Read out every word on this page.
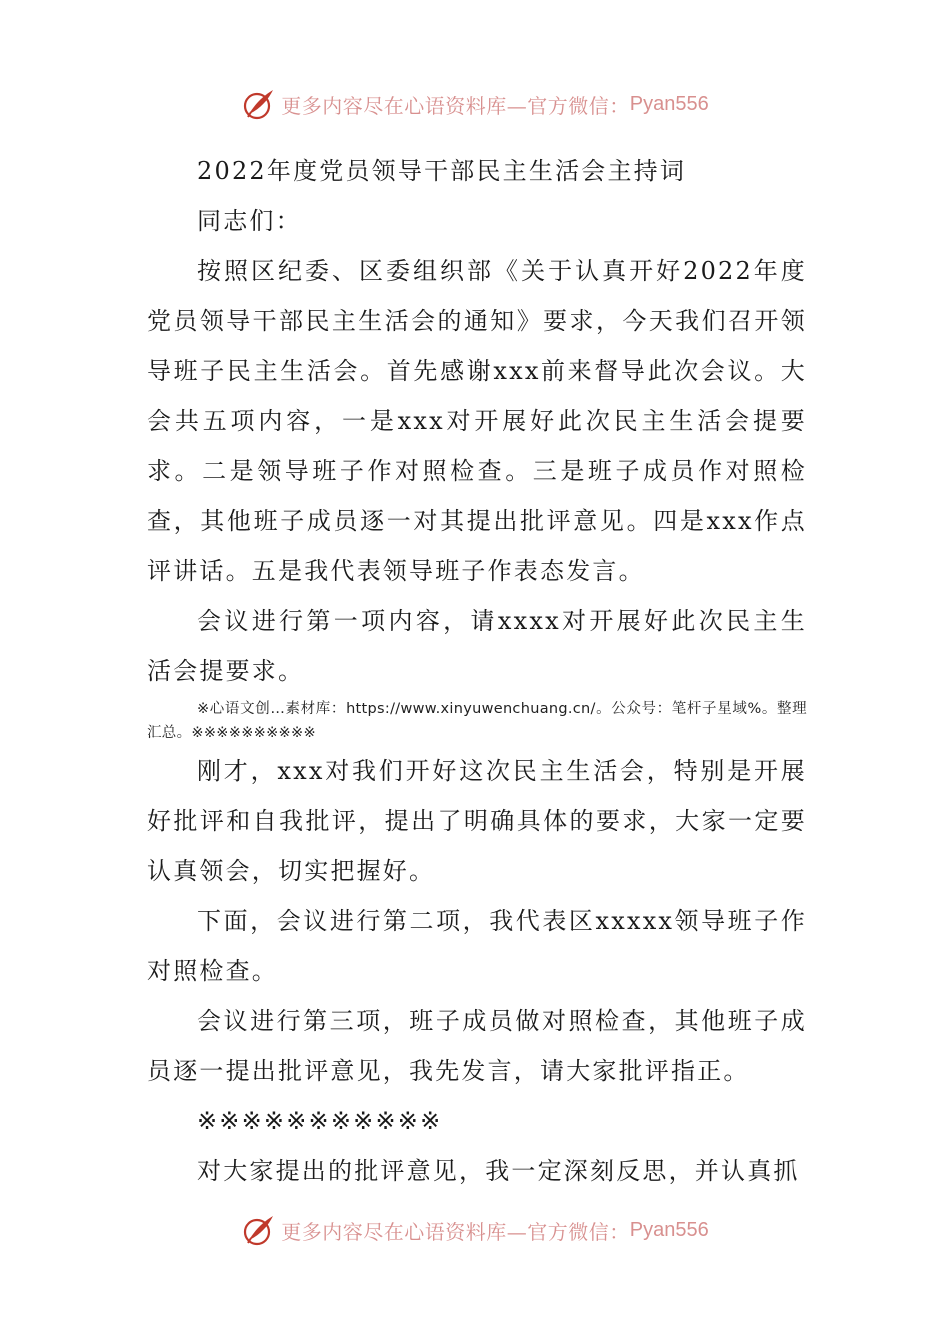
更多内容尽在心语资料库—官方微信： Pyan556

2022年度党员领导干部民主生活会主持词

同志们：

按照区纪委、区委组织部《关于认真开好2022年度党员领导干部民主生活会的通知》要求，今天我们召开领导班子民主生活会。首先感谢xxx前来督导此次会议。大会共五项内容，一是xxx对开展好此次民主生活会提要求。二是领导班子作对照检查。三是班子成员作对照检查，其他班子成员逐一对其提出批评意见。四是xxx作点评讲话。五是我代表领导班子作表态发言。

会议进行第一项内容，请xxxx对开展好此次民主生活会提要求。

※心语文创…素材库：https://www.xinyuwenchuang.cn/。公众号：笔杆子星域%。整理汇总。※※※※※※※※※※

刚才，xxx对我们开好这次民主生活会，特别是开展好批评和自我批评，提出了明确具体的要求，大家一定要认真领会，切实把握好。

下面，会议进行第二项，我代表区xxxxx领导班子作对照检查。

会议进行第三项，班子成员做对照检查，其他班子成员逐一提出批评意见，我先发言，请大家批评指正。

※※※※※※※※※※※

对大家提出的批评意见，我一定深刻反思，并认真抓

更多内容尽在心语资料库—官方微信： Pyan556
